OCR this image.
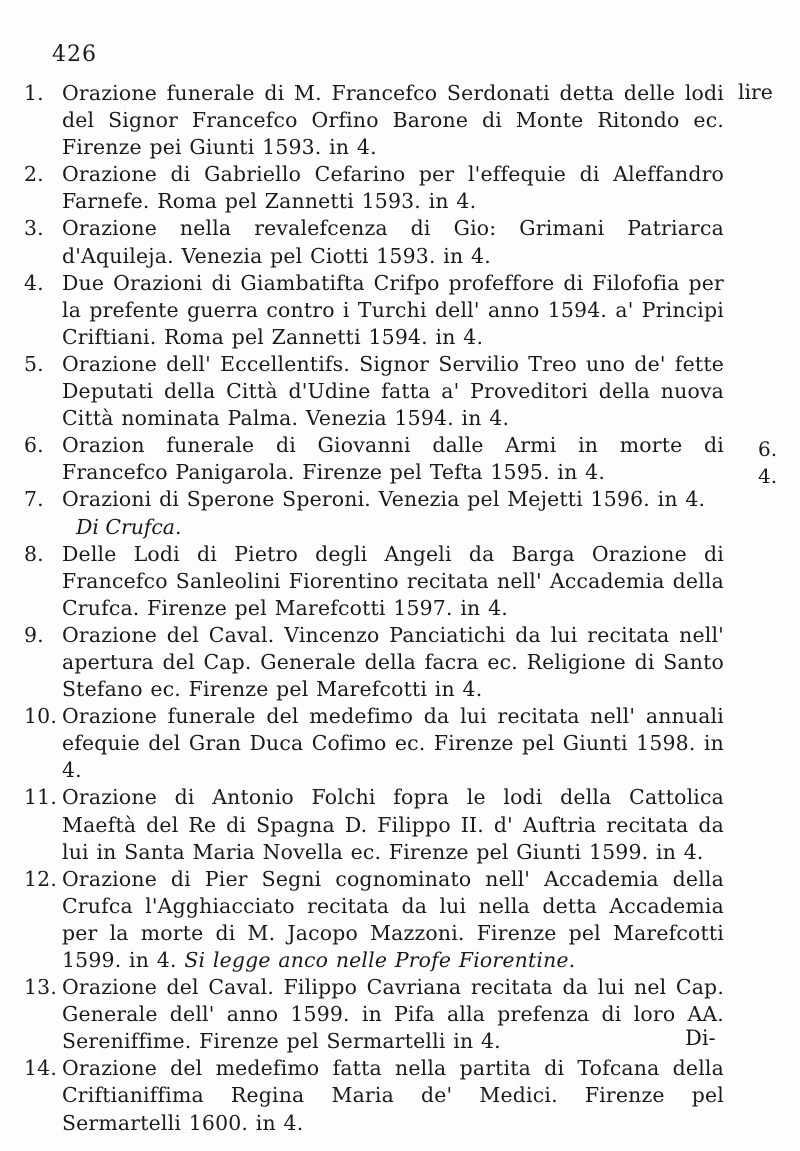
426
lire
6.
4.
1. Orazione funerale di M. Francefco Serdonati detta delle lodi del Signor Francefco Orfino Barone di Monte Ritondo ec. Firenze pei Giunti 1593. in 4.
2. Orazione di Gabriello Cefarino per l'effequie di Aleffandro Farnefe. Roma pel Zannetti 1593. in 4.
3. Orazione nella revalefcenza di Gio: Grimani Patriarca d'Aquileja. Venezia pel Ciotti 1593. in 4.
4. Due Orazioni di Giambatifta Crifpo profeffore di Filofofia per la prefente guerra contro i Turchi dell' anno 1594. a' Principi Criftiani. Roma pel Zannetti 1594. in 4.
5. Orazione dell' Eccellentifs. Signor Servilio Treo uno de' fette Deputati della Città d'Udine fatta a' Proveditori della nuova Città nominata Palma. Venezia 1594. in 4.
6. Orazion funerale di Giovanni dalle Armi in morte di Francefco Panigarola. Firenze pel Tefta 1595. in 4.
7. Orazioni di Sperone Speroni. Venezia pel Mejetti 1596. in 4.
Di Crufca.
8. Delle Lodi di Pietro degli Angeli da Barga Orazione di Francefco Sanleolini Fiorentino recitata nell' Accademia della Crufca. Firenze pel Marefcotti 1597. in 4.
9. Orazione del Caval. Vincenzo Panciatichi da lui recitata nell' apertura del Cap. Generale della facra ec. Religione di Santo Stefano ec. Firenze pel Marefcotti in 4.
10. Orazione funerale del medefimo da lui recitata nell' annuali efequie del Gran Duca Cofimo ec. Firenze pel Giunti 1598. in 4.
11. Orazione di Antonio Folchi fopra le lodi della Cattolica Maeftà del Re di Spagna D. Filippo II. d' Auftria recitata da lui in Santa Maria Novella ec. Firenze pel Giunti 1599. in 4.
12. Orazione di Pier Segni cognominato nell' Accademia della Crufca l'Agghiacciato recitata da lui nella detta Accademia per la morte di M. Jacopo Mazzoni. Firenze pel Marefcotti 1599. in 4. Si legge anco nelle Profe Fiorentine.
13. Orazione del Caval. Filippo Cavriana recitata da lui nel Cap. Generale dell' anno 1599. in Pifa alla prefenza di loro AA. Sereniffime. Firenze pel Sermartelli in 4.
14. Orazione del medefimo fatta nella partita di Tofcana della Criftianiffima Regina Maria de' Medici. Firenze pel Sermartelli 1600. in 4.
Di-
